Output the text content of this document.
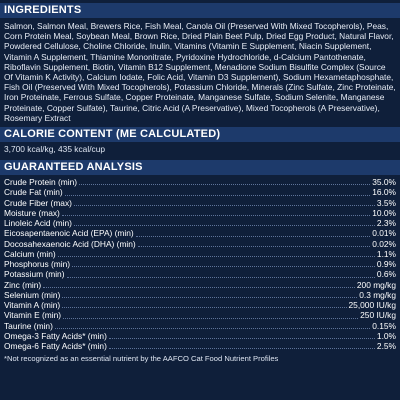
INGREDIENTS
Salmon, Salmon Meal, Brewers Rice, Fish Meal, Canola Oil (Preserved With Mixed Tocopherols), Peas,
Corn Protein Meal, Soybean Meal, Brown Rice, Dried Plain Beet Pulp, Dried Egg Product, Natural Flavor,
Powdered Cellulose, Choline Chloride, Inulin, Vitamins (Vitamin E Supplement, Niacin Supplement,
Vitamin A Supplement, Thiamine Mononitrate, Pyridoxine Hydrochloride, d-Calcium Pantothenate,
Riboflavin Supplement, Biotin, Vitamin B12 Supplement, Menadione Sodium Bisulfite Complex (Source
Of Vitamin K Activity), Calcium Iodate, Folic Acid, Vitamin D3 Supplement), Sodium Hexametaphosphate,
Fish Oil (Preserved With Mixed Tocopherols), Potassium Chloride, Minerals (Zinc Sulfate, Zinc Proteinate,
Iron Proteinate, Ferrous Sulfate, Copper Proteinate, Manganese Sulfate, Sodium Selenite, Manganese
Proteinate, Copper Sulfate), Taurine, Citric Acid (A Preservative), Mixed Tocopherols (A Preservative),
Rosemary Extract
CALORIE CONTENT (ME CALCULATED)
3,700 kcal/kg, 435 kcal/cup
GUARANTEED ANALYSIS
Crude Protein (min)	35.0%
Crude Fat (min)	16.0%
Crude Fiber (max)	3.5%
Moisture (max)	10.0%
Linoleic Acid (min)	2.3%
Eicosapentaenoic Acid (EPA) (min)	0.01%
Docosahexaenoic Acid (DHA) (min)	0.02%
Calcium (min)	1.1%
Phosphorus (min)	0.9%
Potassium (min)	0.6%
Zinc (min)	200 mg/kg
Selenium (min)	0.3 mg/kg
Vitamin A (min)	25,000 IU/kg
Vitamin E (min)	250 IU/kg
Taurine (min)	0.15%
Omega-3 Fatty Acids* (min)	1.0%
Omega-6 Fatty Acids* (min)	2.5%
*Not recognized as an essential nutrient by the AAFCO Cat Food Nutrient Profiles
